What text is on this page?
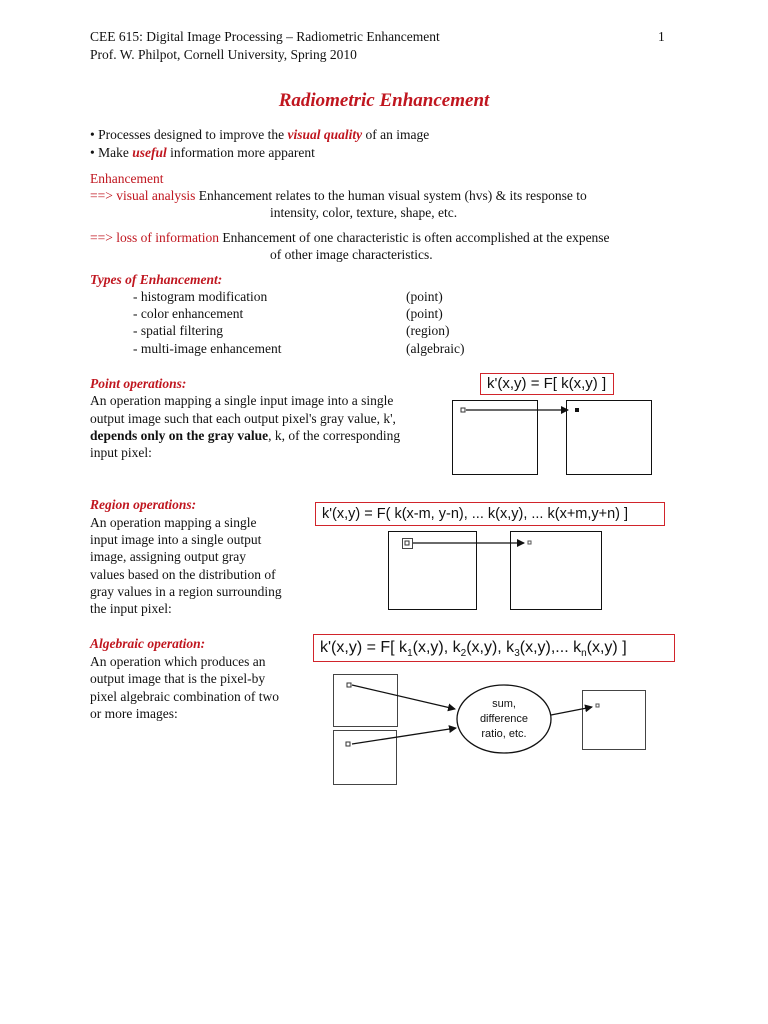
CEE 615: Digital Image Processing – Radiometric Enhancement	1
Prof. W. Philpot, Cornell University, Spring 2010
Radiometric Enhancement
• Processes designed to improve the visual quality of an image
• Make useful information more apparent
Enhancement
==> visual analysis Enhancement relates to the human visual system (hvs) & its response to
intensity, color, texture, shape, etc.
==> loss of information Enhancement of one characteristic is often accomplished at the expense
of other image characteristics.
Types of Enhancement:
- histogram modification	(point)
- color enhancement	(point)
- spatial filtering	(region)
- multi-image enhancement	(algebraic)
Point operations:
An operation mapping a single input image into a single
output image such that each output pixel's gray value, k',
depends only on the gray value, k, of the corresponding
input pixel:
k'(x,y) = F[ k(x,y) ]
Region operations:
An operation mapping a single
input image into a single output
image, assigning output gray
values based on the distribution of
gray values in a region surrounding
the input pixel:
k'(x,y) = F( k(x-m, y-n), ... k(x,y), ... k(x+m,y+n) ]
Algebraic operation:
An operation which produces an
output image that is the pixel-by
pixel algebraic combination of two
or more images:
k'(x,y) = F[ $k_1(x,y)$, $k_2(x,y)$, $k_3(x,y)$,... $k_n(x,y)$ ]
sum,
difference
ratio, etc.
